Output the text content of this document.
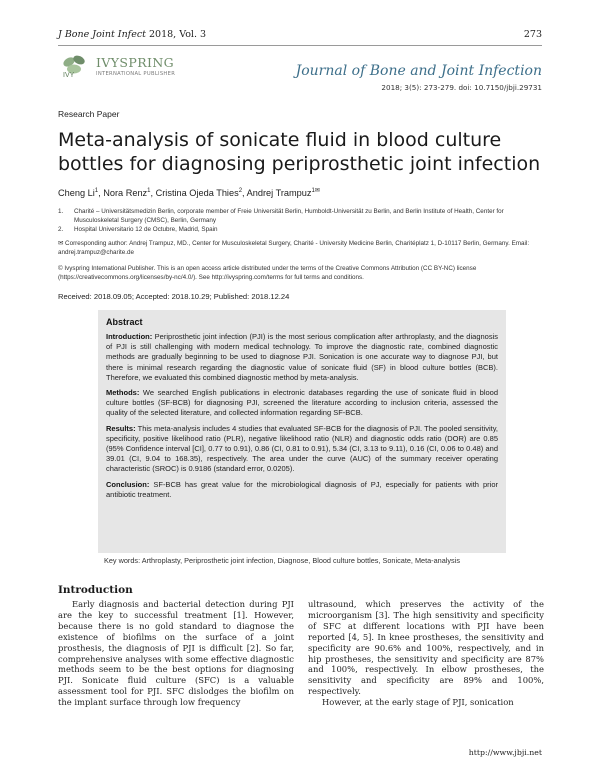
J Bone Joint Infect 2018, Vol. 3	273
IVY
IVYSPRING
INTERNATIONAL PUBLISHER	Journal of Bone and Joint Infection
2018; 3(5): 273-279. doi: 10.7150/jbji.29731
Research Paper
Meta-analysis of sonicate fluid in blood culture bottles for diagnosing periprosthetic joint infection
Cheng Li$^1$, Nora Renz$^1$, Cristina Ojeda Thies$^2$, Andrej Trampuz$^{1✉}$
1.	Charité – Universitätsmedizin Berlin, corporate member of Freie Universität Berlin, Humboldt-Universität zu Berlin, and Berlin Institute of Health, Center for Musculoskeletal Surgery (CMSC), Berlin, Germany
2.	Hospital Universitario 12 de Octubre, Madrid, Spain
✉ Corresponding author: Andrej Trampuz, MD., Center for Musculoskeletal Surgery, Charité - University Medicine Berlin, Charitéplatz 1, D-10117 Berlin, Germany. Email: andrej.trampuz@charite.de
© Ivyspring International Publisher. This is an open access article distributed under the terms of the Creative Commons Attribution (CC BY-NC) license (https://creativecommons.org/licenses/by-nc/4.0/). See http://ivyspring.com/terms for full terms and conditions.
Received: 2018.09.05; Accepted: 2018.10.29; Published: 2018.12.24
Abstract

Introduction: Periprosthetic joint infection (PJI) is the most serious complication after arthroplasty, and the diagnosis of PJI is still challenging with modern medical technology. To improve the diagnostic rate, combined diagnostic methods are gradually beginning to be used to diagnose PJI. Sonication is one accurate way to diagnose PJI, but there is minimal research regarding the diagnostic value of sonicate fluid (SF) in blood culture bottles (BCB). Therefore, we evaluated this combined diagnostic method by meta-analysis.

Methods: We searched English publications in electronic databases regarding the use of sonicate fluid in blood culture bottles (SF-BCB) for diagnosing PJI, screened the literature according to inclusion criteria, assessed the quality of the selected literature, and collected information regarding SF-BCB.

Results: This meta-analysis includes 4 studies that evaluated SF-BCB for the diagnosis of PJI. The pooled sensitivity, specificity, positive likelihood ratio (PLR), negative likelihood ratio (NLR) and diagnostic odds ratio (DOR) are 0.85 (95% Confidence interval [CI], 0.77 to 0.91), 0.86 (CI, 0.81 to 0.91), 5.34 (CI, 3.13 to 9.11), 0.16 (CI, 0.06 to 0.48) and 39.01 (CI, 9.04 to 168.35), respectively. The area under the curve (AUC) of the summary receiver operating characteristic (SROC) is 0.9186 (standard error, 0.0205).

Conclusion: SF-BCB has great value for the microbiological diagnosis of PJ, especially for patients with prior antibiotic treatment.

Key words: Arthroplasty, Periprosthetic joint infection, Diagnose, Blood culture bottles, Sonicate, Meta-analysis
Introduction

Early diagnosis and bacterial detection during PJI are the key to successful treatment [1]. However, because there is no gold standard to diagnose the existence of biofilms on the surface of a joint prosthesis, the diagnosis of PJI is difficult [2]. So far, comprehensive analyses with some effective diagnostic methods seem to be the best options for diagnosing PJI. Sonicate fluid culture (SFC) is a valuable assessment tool for PJI. SFC dislodges the biofilm on the implant surface through low frequency

ultrasound, which preserves the activity of the microorganism [3]. The high sensitivity and specificity of SFC at different locations with PJI have been reported [4, 5]. In knee prostheses, the sensitivity and specificity are 90.6% and 100%, respectively, and in hip prostheses, the sensitivity and specificity are 87% and 100%, respectively. In elbow prostheses, the sensitivity and specificity are 89% and 100%, respectively.

However, at the early stage of PJI, sonication

http://www.jbji.net
